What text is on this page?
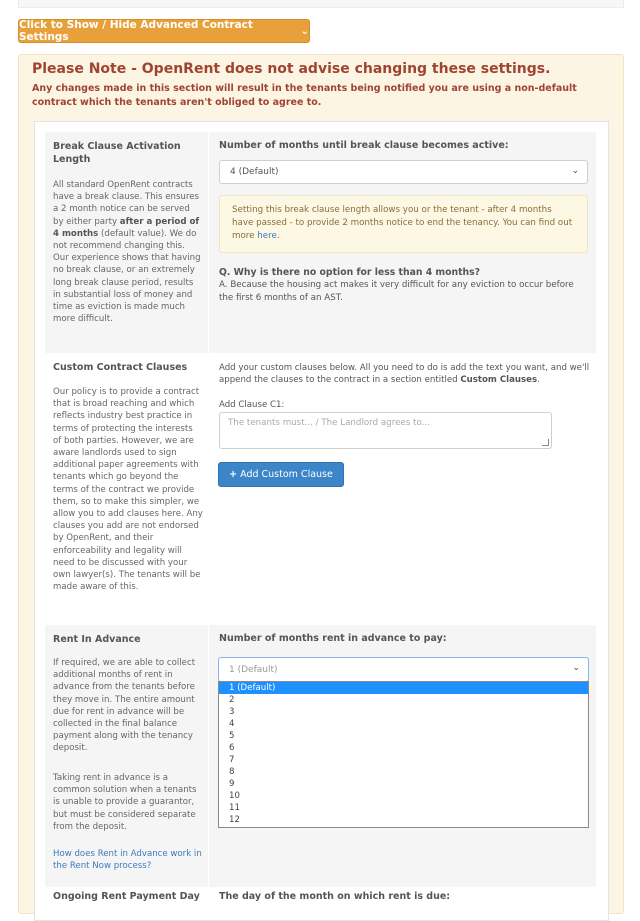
Click to Show / Hide Advanced Contract Settings	⌄
Please Note - OpenRent does not advise changing these settings.
Any changes made in this section will result in the tenants being notified you are using a non-default contract which the tenants aren't obliged to agree to.
Break Clause Activation Length
All standard OpenRent contracts have a break clause. This ensures a 2 month notice can be served by either party after a period of 4 months (default value). We do not recommend changing this. Our experience shows that having no break clause, or an extremely long break clause period, results in substantial loss of money and time as eviction is made much more difficult.
Number of months until break clause becomes active:
4 (Default)	⌄
Setting this break clause length allows you or the tenant - after 4 months have passed - to provide 2 months notice to end the tenancy. You can find out more here.
Q. Why is there no option for less than 4 months?
A. Because the housing act makes it very difficult for any eviction to occur before the first 6 months of an AST.
Custom Contract Clauses
Our policy is to provide a contract that is broad reaching and which reflects industry best practice in terms of protecting the interests of both parties. However, we are aware landlords used to sign additional paper agreements with tenants which go beyond the terms of the contract we provide them, so to make this simpler, we allow you to add clauses here. Any clauses you add are not endorsed by OpenRent, and their enforceability and legality will need to be discussed with your own lawyer(s). The tenants will be made aware of this.
Add your custom clauses below. All you need to do is add the text you want, and we'll append the clauses to the contract in a section entitled Custom Clauses.
Add Clause C1:
The tenants must... / The Landlord agrees to...
+ Add Custom Clause
Rent In Advance
If required, we are able to collect additional months of rent in advance from the tenants before they move in. The entire amount due for rent in advance will be collected in the final balance payment along with the tenancy deposit.
Taking rent in advance is a common solution when a tenants is unable to provide a guarantor, but must be considered separate from the deposit.
How does Rent in Advance work in the Rent Now process?
Number of months rent in advance to pay:
1 (Default)	⌄
1 (Default)
2
3
4
5
6
7
8
9
10
11
12
Ongoing Rent Payment Day The day of the month on which rent is due:
